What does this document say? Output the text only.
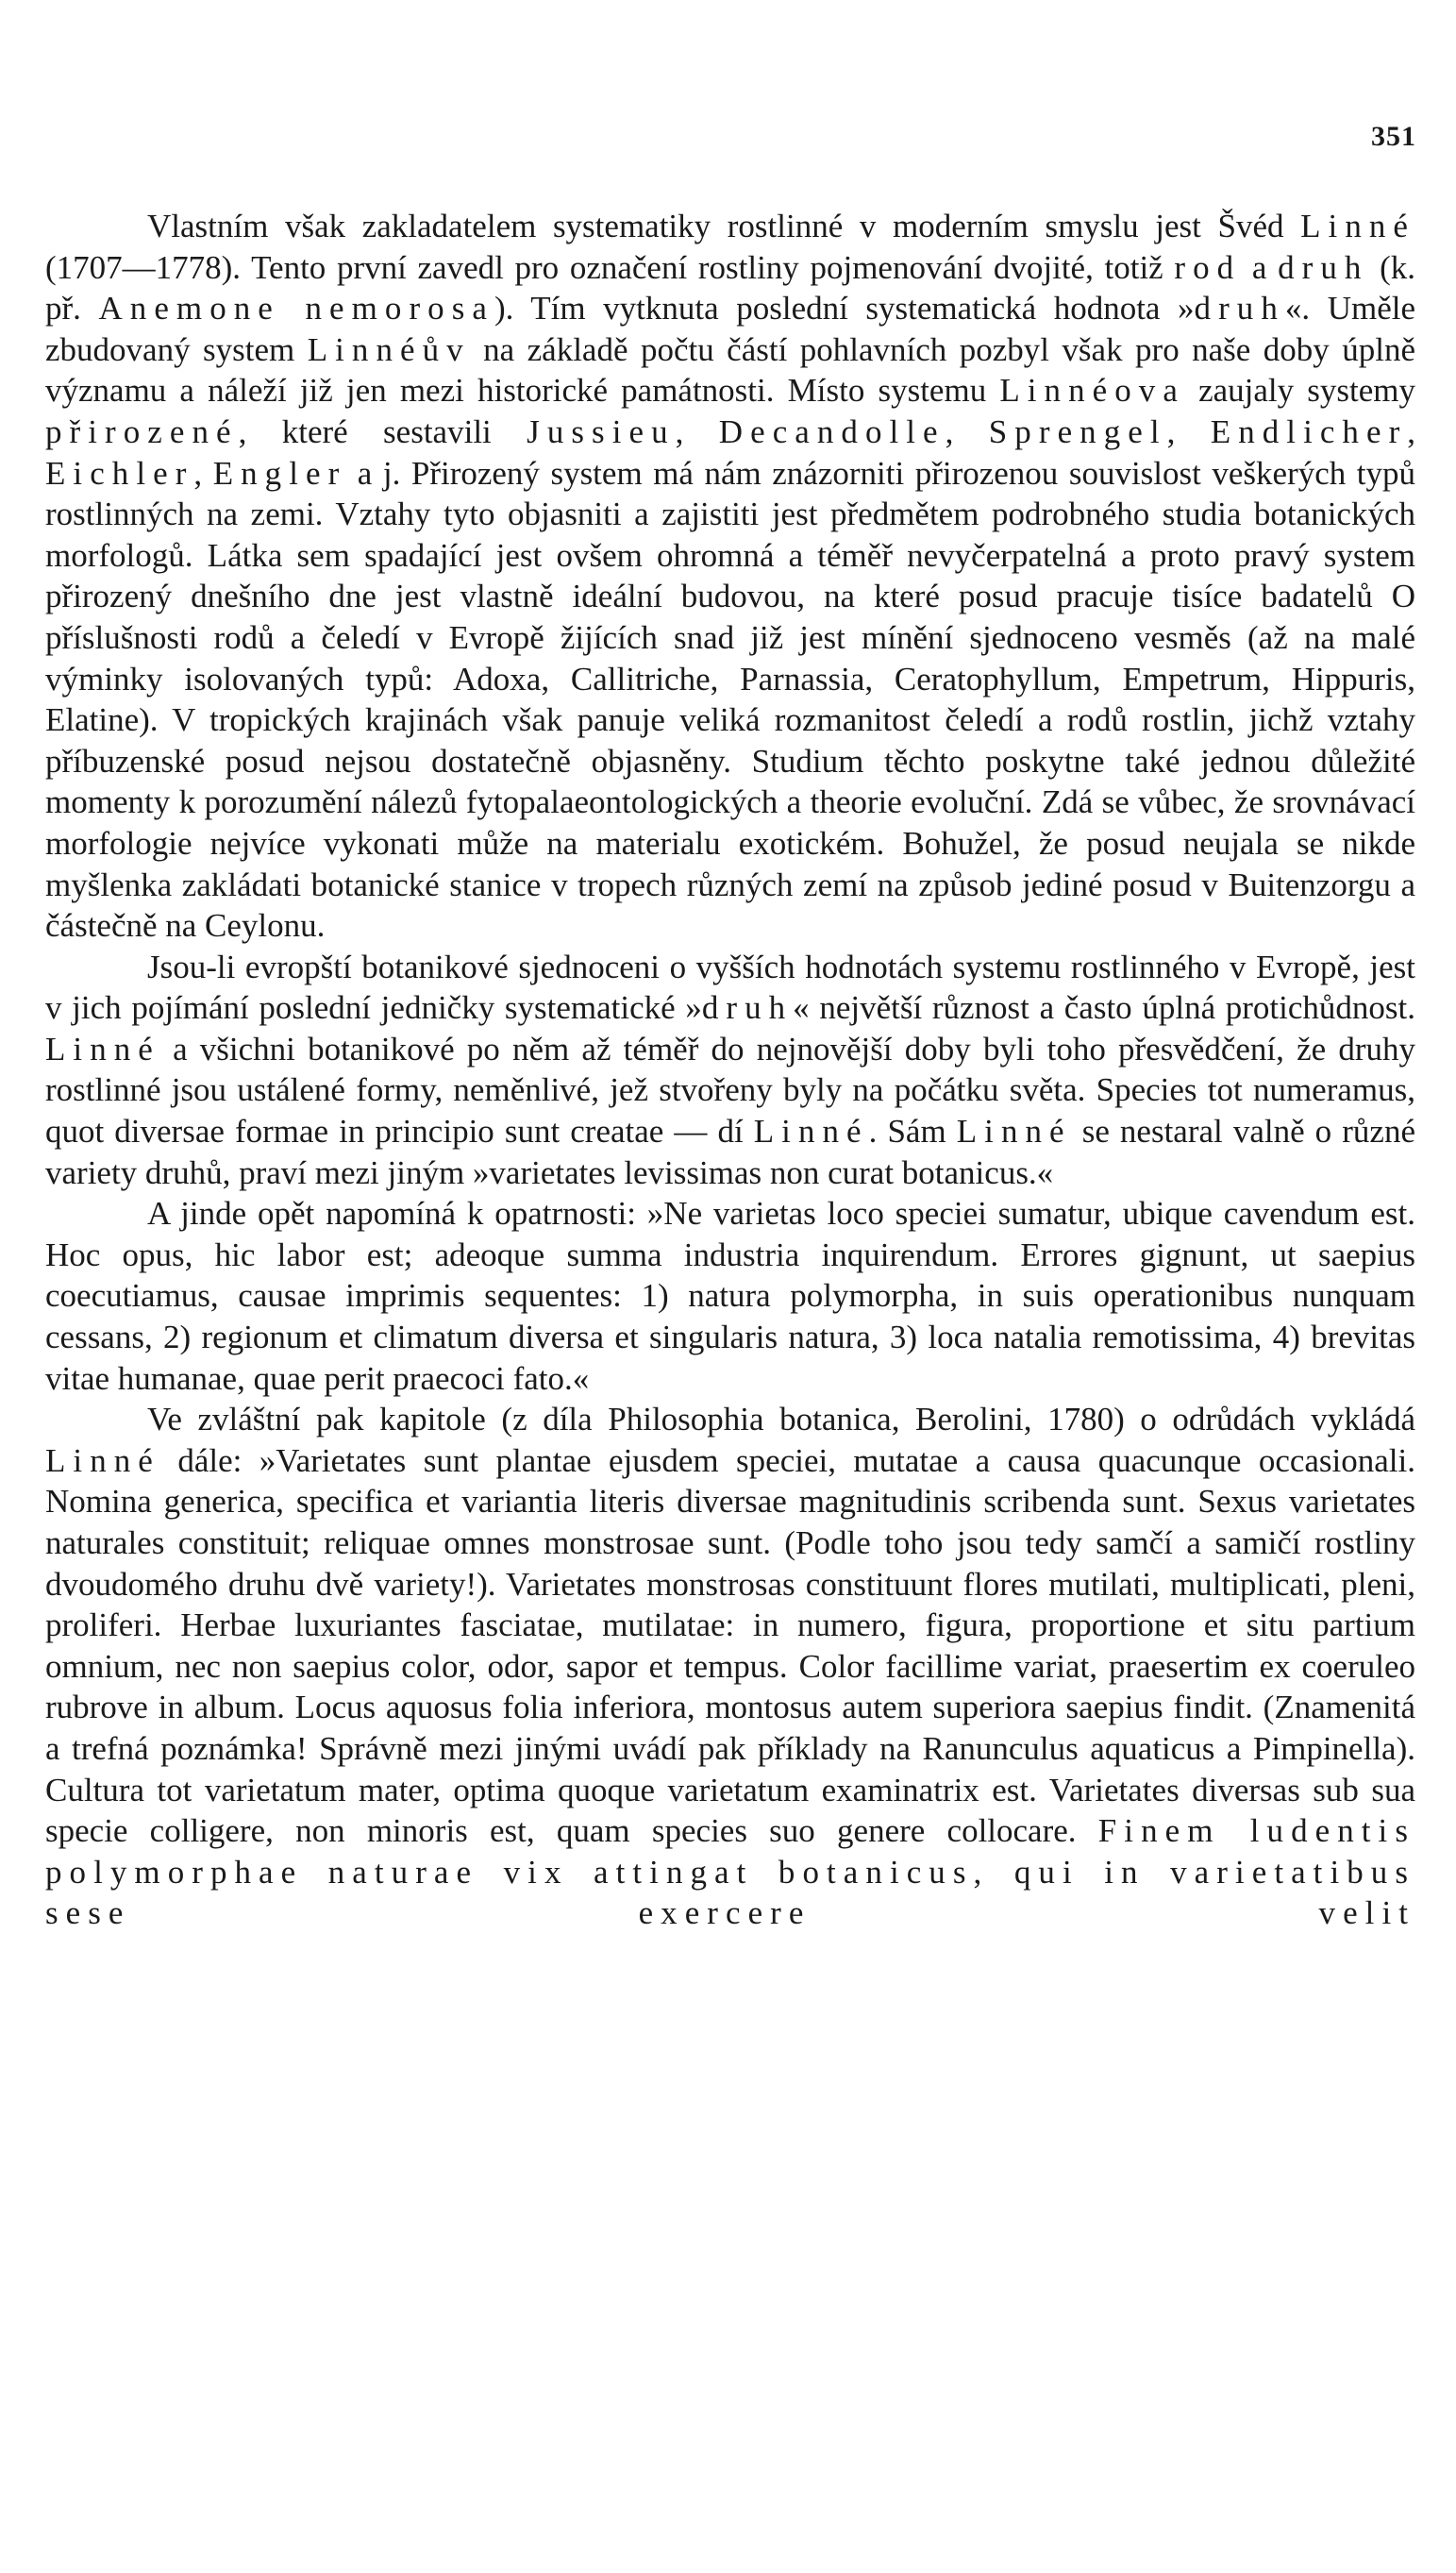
351

Vlastním však zakladatelem systematiky rostlinné v moderním smyslu jest Švéd Linné (1707—1778). Tento první zavedl pro označení rostliny pojmenování dvojité, totiž rod a druh (k. př. Anemone nemorosa). Tím vytknuta poslední systematická hodnota »druh«. Uměle zbudovaný system Linnéův na základě počtu částí pohlavních pozbyl však pro naše doby úplně významu a náleží již jen mezi historické památnosti. Místo systemu Linnéova zaujaly systemy přirozené, které sestavili Jussieu, Decandolle, Sprengel, Endlicher, Eichler, Engler a j. Přirozený system má nám znázorniti přirozenou souvislost veškerých typů rostlinných na zemi. Vztahy tyto objasniti a zajistiti jest předmětem podrobného studia botanických morfologů. Látka sem spadající jest ovšem ohromná a téměř nevyčerpatelná a proto pravý system přirozený dnešního dne jest vlastně ideální budovou, na které posud pracuje tisíce badatelů O příslušnosti rodů a čeledí v Evropě žijících snad již jest mínění sjednoceno vesměs (až na malé výminky isolovaných typů: Adoxa, Callitriche, Parnassia, Ceratophyllum, Empetrum, Hippuris, Elatine). V tropických krajinách však panuje veliká rozmanitost čeledí a rodů rostlin, jichž vztahy příbuzenské posud nejsou dostatečně objasněny. Studium těchto poskytne také jednou důležité momenty k porozumění nálezů fytopalaeontologických a theorie evoluční. Zdá se vůbec, že srovnávací morfologie nejvíce vykonati může na materialu exotickém. Bohužel, že posud neujala se nikde myšlenka zakládati botanické stanice v tropech různých zemí na způsob jediné posud v Buitenzorgu a částečně na Ceylonu.

Jsou-li evropští botanikové sjednoceni o vyšších hodnotách systemu rostlinného v Evropě, jest v jich pojímání poslední jedničky systematické »druh« největší různost a často úplná protichůdnost. Linné a všichni botanikové po něm až téměř do nejnovější doby byli toho přesvědčení, že druhy rostlinné jsou ustálené formy, neměnlivé, jež stvořeny byly na počátku světa. Species tot numeramus, quot diversae formae in principio sunt creatae — dí Linné. Sám Linné se nestaral valně o různé variety druhů, praví mezi jiným »varietates levissimas non curat botanicus.«

A jinde opět napomíná k opatrnosti: »Ne varietas loco speciei sumatur, ubique cavendum est. Hoc opus, hic labor est; adeoque summa industria inquirendum. Errores gignunt, ut saepius coecutiamus, causae imprimis sequentes: 1) natura polymorpha, in suis operationibus nunquam cessans, 2) regionum et climatum diversa et singularis natura, 3) loca natalia remotissima, 4) brevitas vitae humanae, quae perit praecoci fato.«

Ve zvláštní pak kapitole (z díla Philosophia botanica, Berolini, 1780) o odrůdách vykládá Linné dále: »Varietates sunt plantae ejusdem speciei, mutatae a causa quacunque occasionali. Nomina generica, specifica et variantia literis diversae magnitudinis scribenda sunt. Sexus varietates naturales constituit; reliquae omnes monstrosae sunt. (Podle toho jsou tedy samčí a samičí rostliny dvoudomého druhu dvě variety!). Varietates monstrosas constituunt flores mutilati, multiplicati, pleni, proliferi. Herbae luxuriantes fasciatae, mutilatae: in numero, figura, proportione et situ partium omnium, nec non saepius color, odor, sapor et tempus. Color facillime variat, praesertim ex coeruleo rubrove in album. Locus aquosus folia inferiora, montosus autem superiora saepius findit. (Znamenitá a trefná poznámka! Správně mezi jinými uvádí pak příklady na Ranunculus aquaticus a Pimpinella). Cultura tot varietatum mater, optima quoque varietatum examinatrix est. Varietates diversas sub sua specie colligere, non minoris est, quam species suo genere collocare. Finem ludentis polymorphae naturae vix attingat botanicus, qui in varietatibus sese exercere velit
